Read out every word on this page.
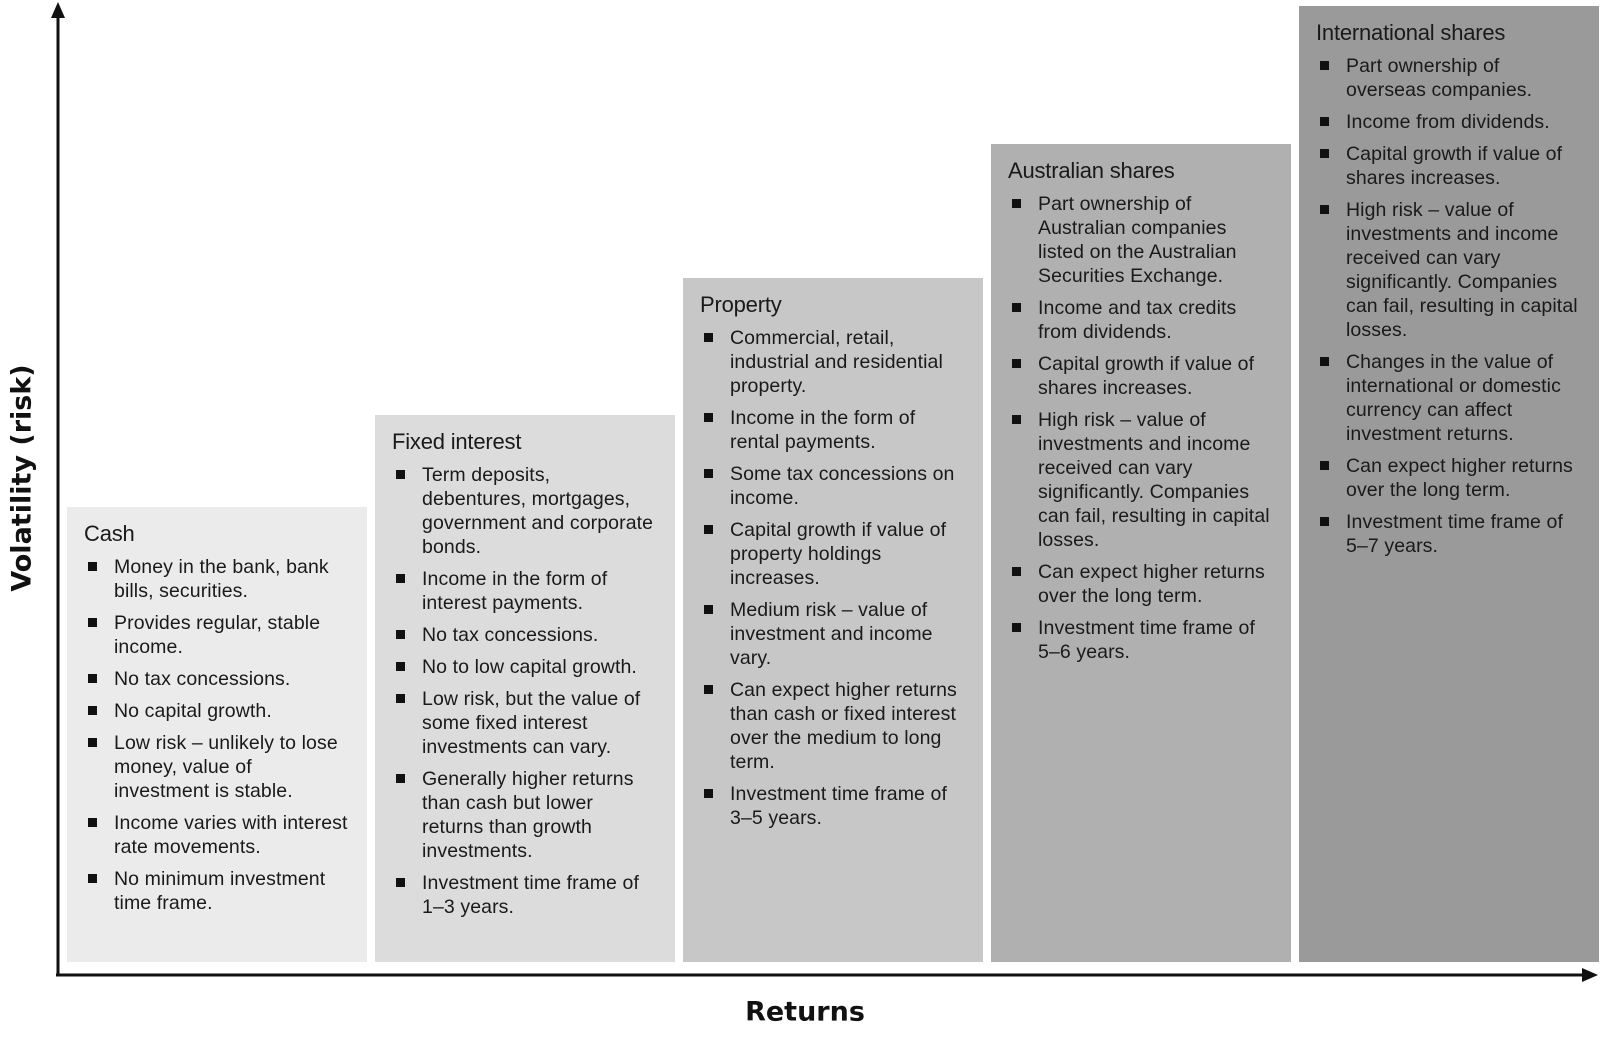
Volatility (risk)
Returns
Cash
Money in the bank, bank bills, securities.
Provides regular, stable income.
No tax concessions.
No capital growth.
Low risk – unlikely to lose money, value of investment is stable.
Income varies with interest rate movements.
No minimum investment time frame.
Fixed interest
Term deposits, debentures, mortgages, government and corporate bonds.
Income in the form of interest payments.
No tax concessions.
No to low capital growth.
Low risk, but the value of some fixed interest investments can vary.
Generally higher returns than cash but lower returns than growth investments.
Investment time frame of 1–3 years.
Property
Commercial, retail, industrial and residential property.
Income in the form of rental payments.
Some tax concessions on income.
Capital growth if value of property holdings increases.
Medium risk – value of investment and income vary.
Can expect higher returns than cash or fixed interest over the medium to long term.
Investment time frame of 3–5 years.
Australian shares
Part ownership of Australian companies listed on the Australian Securities Exchange.
Income and tax credits from dividends.
Capital growth if value of shares increases.
High risk – value of investments and income received can vary significantly. Companies can fail, resulting in capital losses.
Can expect higher returns over the long term.
Investment time frame of 5–6 years.
International shares
Part ownership of overseas companies.
Income from dividends.
Capital growth if value of shares increases.
High risk – value of investments and income received can vary significantly. Companies can fail, resulting in capital losses.
Changes in the value of international or domestic currency can affect investment returns.
Can expect higher returns over the long term.
Investment time frame of 5–7 years.
